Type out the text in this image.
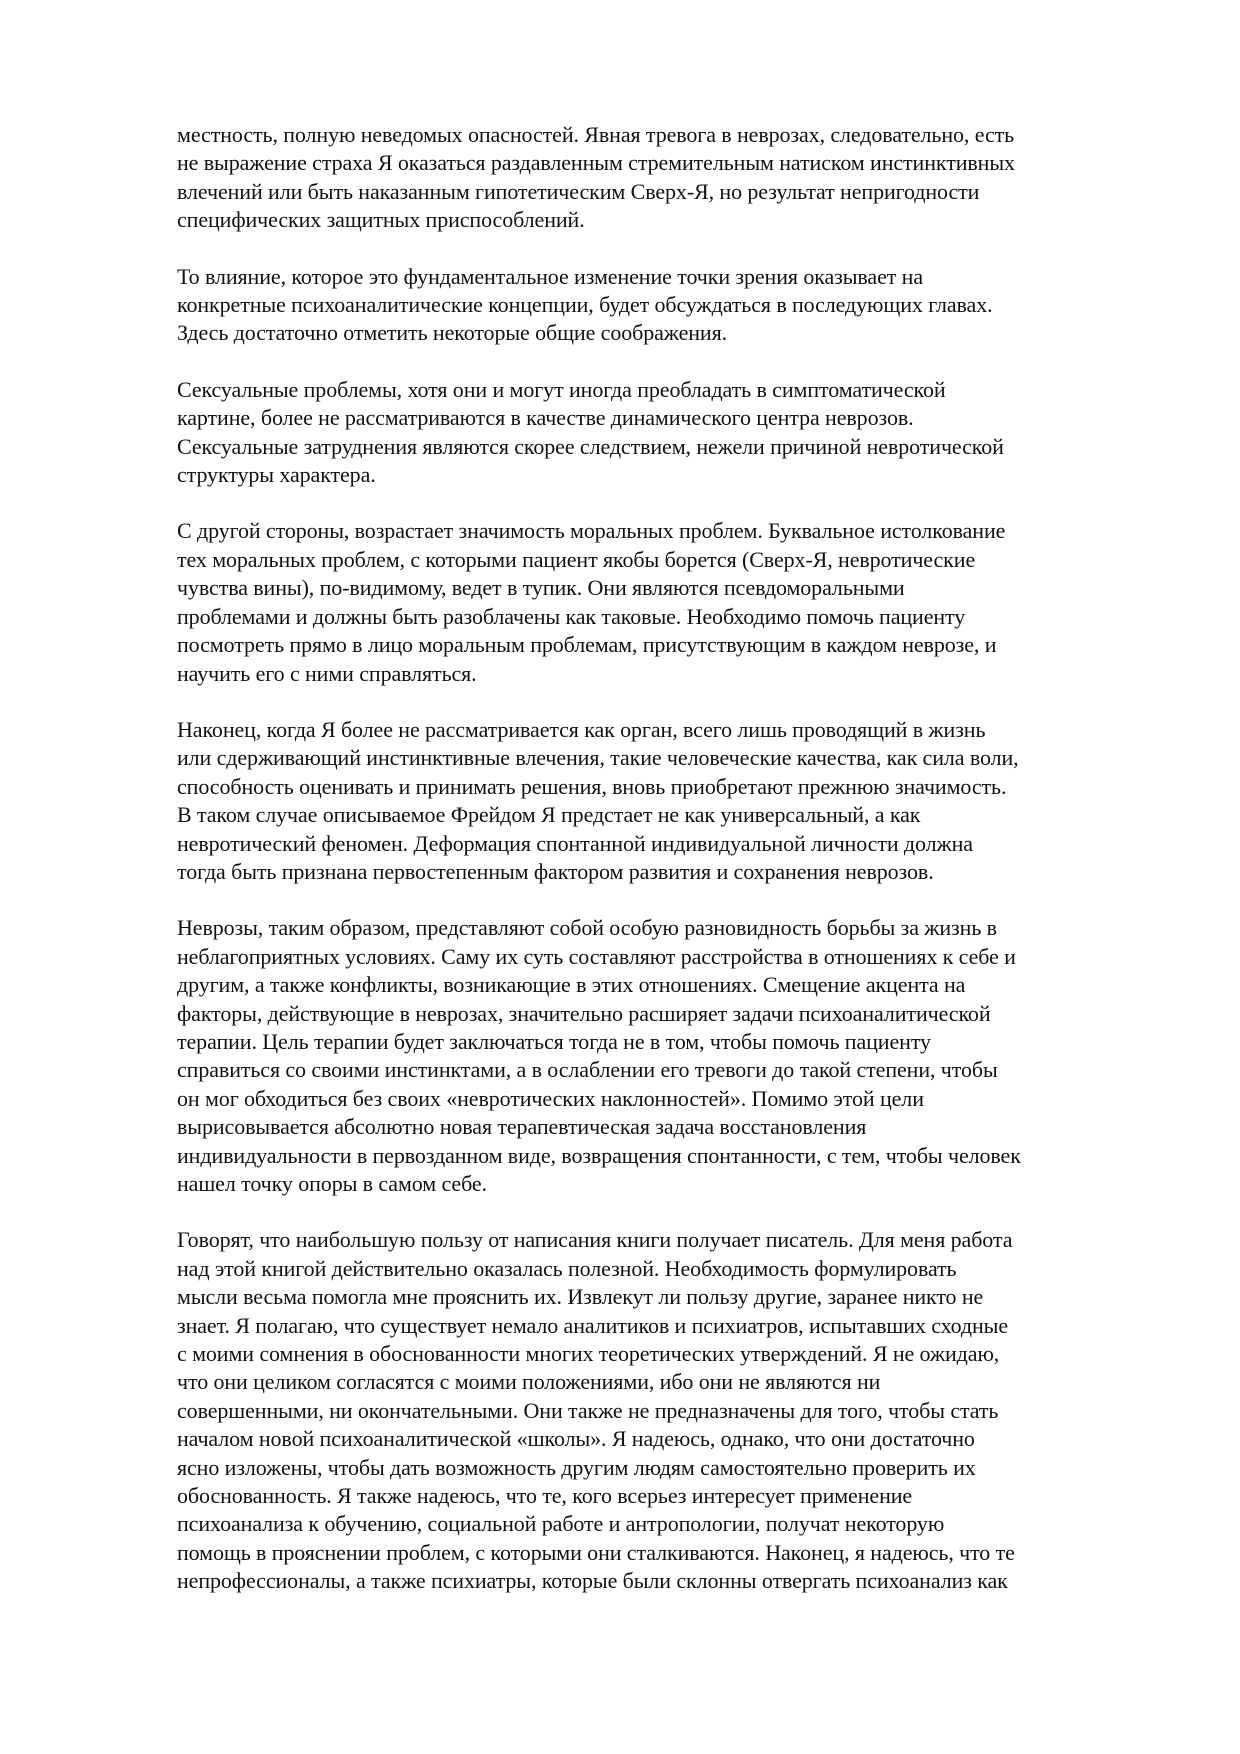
местность, полную неведомых опасностей. Явная тревога в неврозах, следовательно, есть
не выражение страха Я оказаться раздавленным стремительным натиском инстинктивных
влечений или быть наказанным гипотетическим Сверх-Я, но результат непригодности
специфических защитных приспособлений.

То влияние, которое это фундаментальное изменение точки зрения оказывает на
конкретные психоаналитические концепции, будет обсуждаться в последующих главах.
Здесь достаточно отметить некоторые общие соображения.

Сексуальные проблемы, хотя они и могут иногда преобладать в симптоматической
картине, более не рассматриваются в качестве динамического центра неврозов.
Сексуальные затруднения являются скорее следствием, нежели причиной невротической
структуры характера.

С другой стороны, возрастает значимость моральных проблем. Буквальное истолкование
тех моральных проблем, с которыми пациент якобы борется (Сверх-Я, невротические
чувства вины), по-видимому, ведет в тупик. Они являются псевдоморальными
проблемами и должны быть разоблачены как таковые. Необходимо помочь пациенту
посмотреть прямо в лицо моральным проблемам, присутствующим в каждом неврозе, и
научить его с ними справляться.

Наконец, когда Я более не рассматривается как орган, всего лишь проводящий в жизнь
или сдерживающий инстинктивные влечения, такие человеческие качества, как сила воли,
способность оценивать и принимать решения, вновь приобретают прежнюю значимость.
В таком случае описываемое Фрейдом Я предстает не как универсальный, а как
невротический феномен. Деформация спонтанной индивидуальной личности должна
тогда быть признана первостепенным фактором развития и сохранения неврозов.

Неврозы, таким образом, представляют собой особую разновидность борьбы за жизнь в
неблагоприятных условиях. Саму их суть составляют расстройства в отношениях к себе и
другим, а также конфликты, возникающие в этих отношениях. Смещение акцента на
факторы, действующие в неврозах, значительно расширяет задачи психоаналитической
терапии. Цель терапии будет заключаться тогда не в том, чтобы помочь пациенту
справиться со своими инстинктами, а в ослаблении его тревоги до такой степени, чтобы
он мог обходиться без своих «невротических наклонностей». Помимо этой цели
вырисовывается абсолютно новая терапевтическая задача восстановления
индивидуальности в первозданном виде, возвращения спонтанности, с тем, чтобы человек
нашел точку опоры в самом себе.

Говорят, что наибольшую пользу от написания книги получает писатель. Для меня работа
над этой книгой действительно оказалась полезной. Необходимость формулировать
мысли весьма помогла мне прояснить их. Извлекут ли пользу другие, заранее никто не
знает. Я полагаю, что существует немало аналитиков и психиатров, испытавших сходные
с моими сомнения в обоснованности многих теоретических утверждений. Я не ожидаю,
что они целиком согласятся с моими положениями, ибо они не являются ни
совершенными, ни окончательными. Они также не предназначены для того, чтобы стать
началом новой психоаналитической «школы». Я надеюсь, однако, что они достаточно
ясно изложены, чтобы дать возможность другим людям самостоятельно проверить их
обоснованность. Я также надеюсь, что те, кого всерьез интересует применение
психоанализа к обучению, социальной работе и антропологии, получат некоторую
помощь в прояснении проблем, с которыми они сталкиваются. Наконец, я надеюсь, что те
непрофессионалы, а также психиатры, которые были склонны отвергать психоанализ как
